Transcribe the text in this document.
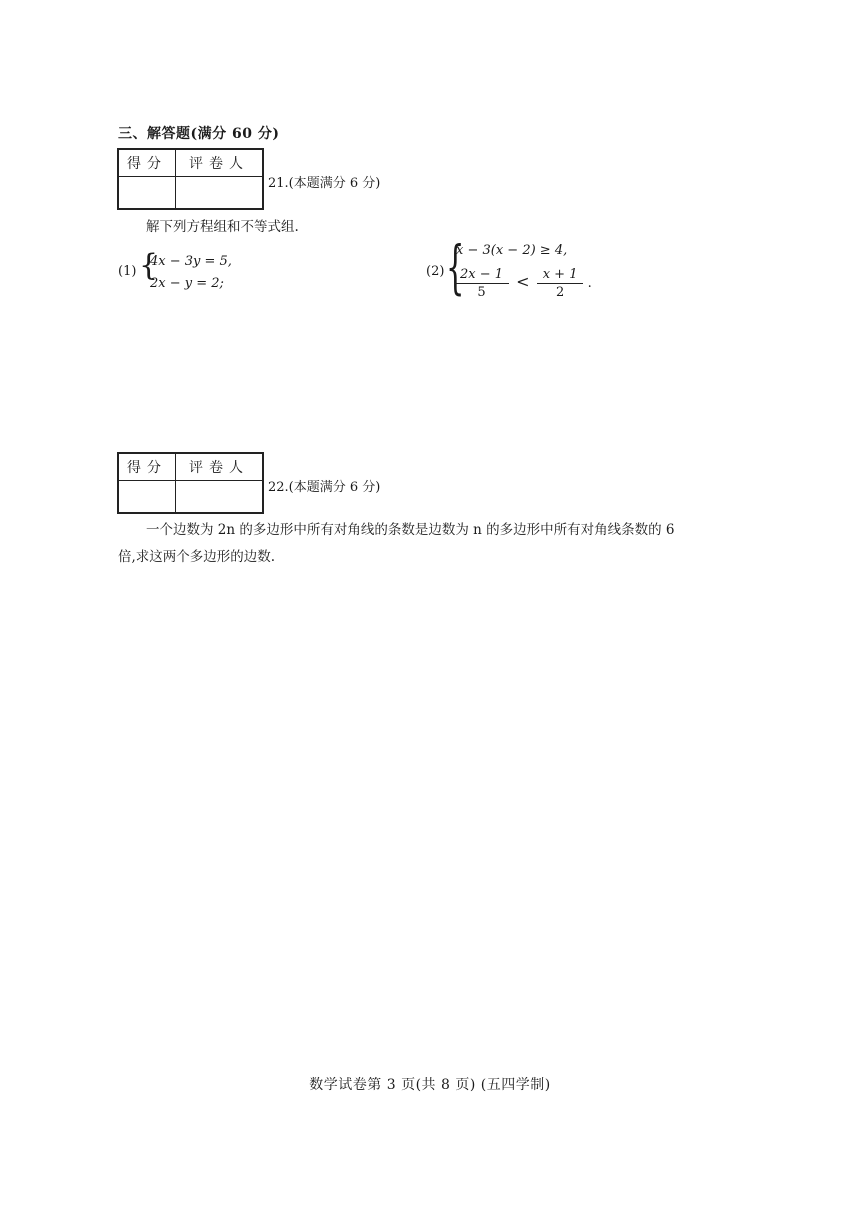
三、解答题(满分 60 分)
得分	评卷人

21.(本题满分 6 分)
解下列方程组和不等式组.
(1) {
4x − 3y = 5,
2x − y = 2;
(2) {
x − 3(x − 2) ≥ 4,
$\frac{2x - 1}{5} < \frac{x + 1}{2}$ .
得分	评卷人

22.(本题满分 6 分)
一个边数为 2n 的多边形中所有对角线的条数是边数为 n 的多边形中所有对角线条数的 6
倍,求这两个多边形的边数.
数学试卷第 3 页(共 8 页) (五四学制)
